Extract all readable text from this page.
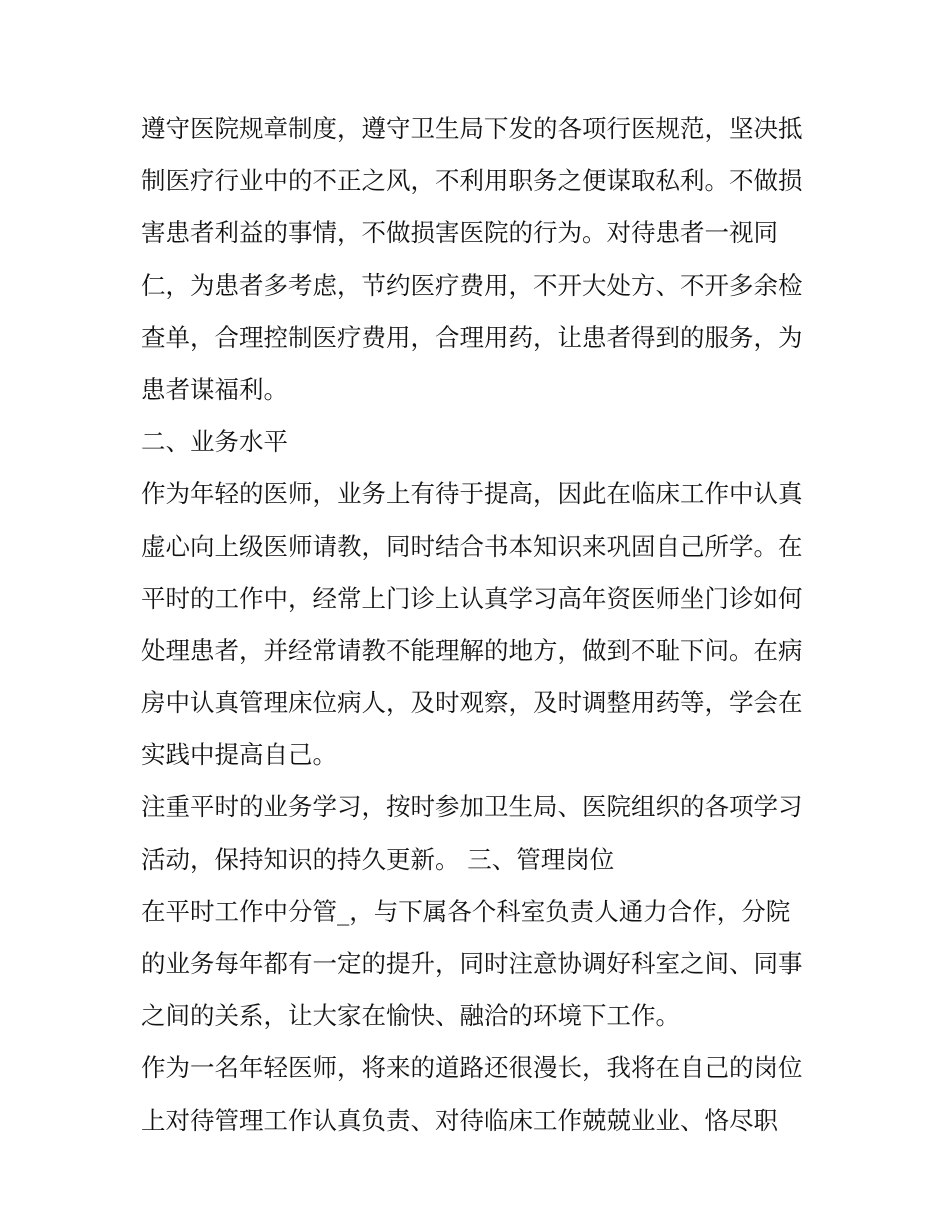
遵守医院规章制度，遵守卫生局下发的各项行医规范，坚决抵
制医疗行业中的不正之风，不利用职务之便谋取私利。不做损
害患者利益的事情，不做损害医院的行为。对待患者一视同
仁，为患者多考虑，节约医疗费用，不开大处方、不开多余检
查单，合理控制医疗费用，合理用药，让患者得到的服务，为
患者谋福利。
二、业务水平
作为年轻的医师，业务上有待于提高，因此在临床工作中认真
虚心向上级医师请教，同时结合书本知识来巩固自己所学。在
平时的工作中，经常上门诊上认真学习高年资医师坐门诊如何
处理患者，并经常请教不能理解的地方，做到不耻下问。在病
房中认真管理床位病人，及时观察，及时调整用药等，学会在
实践中提高自己。
注重平时的业务学习，按时参加卫生局、医院组织的各项学习
活动，保持知识的持久更新。 三、管理岗位
在平时工作中分管_，与下属各个科室负责人通力合作，分院
的业务每年都有一定的提升，同时注意协调好科室之间、同事
之间的关系，让大家在愉快、融洽的环境下工作。
作为一名年轻医师，将来的道路还很漫长，我将在自己的岗位
上对待管理工作认真负责、对待临床工作兢兢业业、恪尽职
